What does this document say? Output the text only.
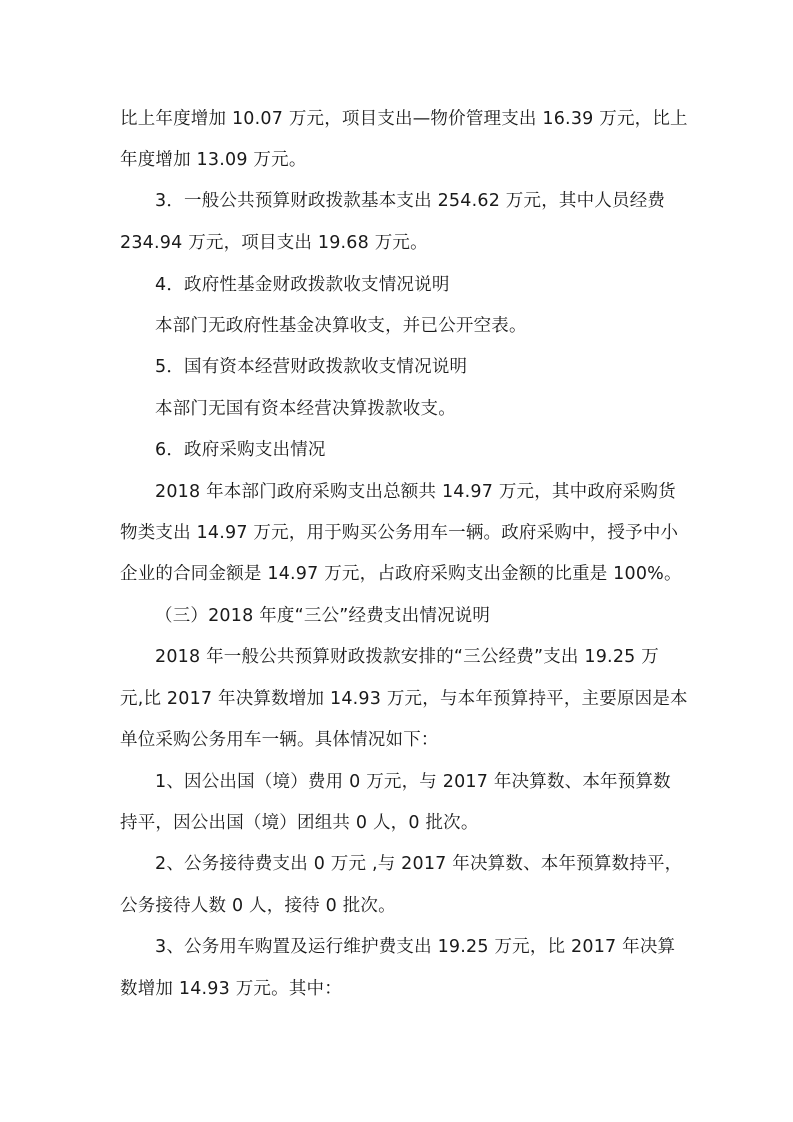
比上年度增加 10.07 万元，项目支出—物价管理支出 16.39 万元，比上
年度增加 13.09 万元。
3．一般公共预算财政拨款基本支出 254.62 万元，其中人员经费
234.94 万元，项目支出 19.68 万元。
4．政府性基金财政拨款收支情况说明
本部门无政府性基金决算收支，并已公开空表。
5．国有资本经营财政拨款收支情况说明
本部门无国有资本经营决算拨款收支。
6．政府采购支出情况
2018 年本部门政府采购支出总额共 14.97 万元，其中政府采购货
物类支出 14.97 万元，用于购买公务用车一辆。政府采购中，授予中小
企业的合同金额是 14.97 万元，占政府采购支出金额的比重是 100%。
（三）2018 年度“三公”经费支出情况说明
2018 年一般公共预算财政拨款安排的“三公经费”支出 19.25 万
元,比 2017 年决算数增加 14.93 万元，与本年预算持平，主要原因是本
单位采购公务用车一辆。具体情况如下：
1、因公出国（境）费用 0 万元，与 2017 年决算数、本年预算数
持平，因公出国（境）团组共 0 人，0 批次。
2、公务接待费支出 0 万元 ,与 2017 年决算数、本年预算数持平，
公务接待人数 0 人，接待 0 批次。
3、公务用车购置及运行维护费支出 19.25 万元，比 2017 年决算
数增加 14.93 万元。其中：
